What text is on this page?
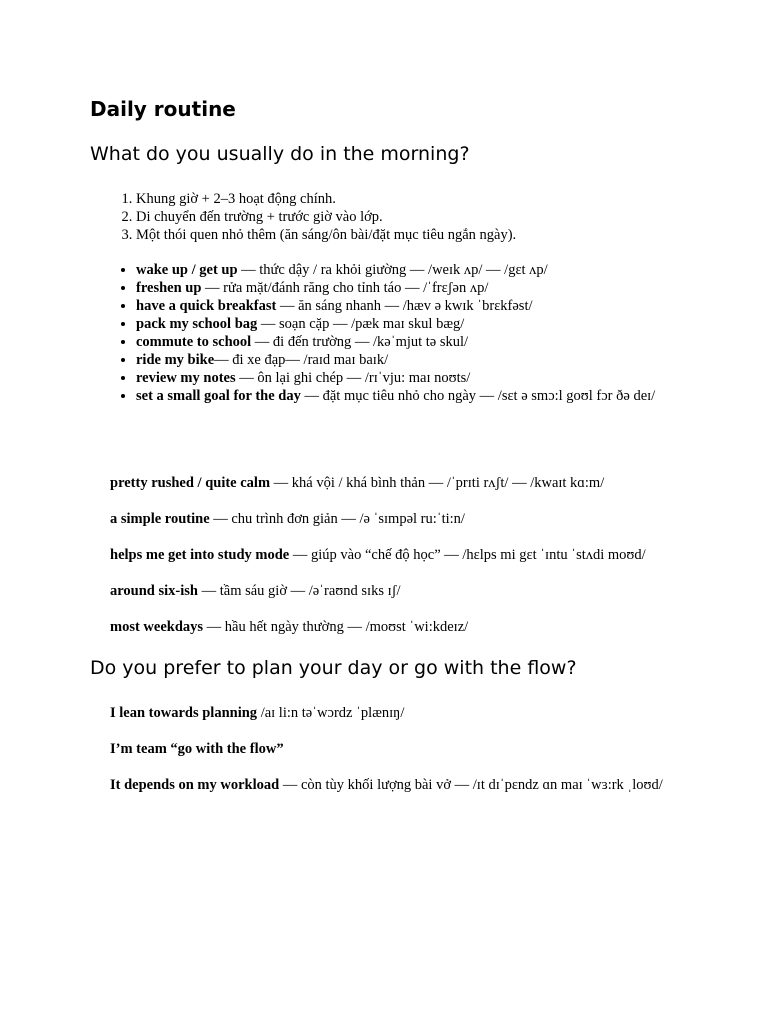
Daily routine
What do you usually do in the morning?
1. Khung giờ + 2–3 hoạt động chính.
2. Di chuyển đến trường + trước giờ vào lớp.
3. Một thói quen nhỏ thêm (ăn sáng/ôn bài/đặt mục tiêu ngắn ngày).
• wake up / get up — thức dậy / ra khỏi giường — /weɪk ʌp/ — /gɛt ʌp/
• freshen up — rửa mặt/đánh răng cho tỉnh táo — /ˈfrɛʃən ʌp/
• have a quick breakfast — ăn sáng nhanh — /hæv ə kwɪk ˈbrɛkfəst/
• pack my school bag — soạn cặp — /pæk maɪ skul bæg/
• commute to school — đi đến trường — /kəˈmjut tə skul/
• ride my bike— đi xe đạp— /raɪd maɪ baɪk/
• review my notes — ôn lại ghi chép — /rɪˈvju: maɪ noʊts/
• set a small goal for the day — đặt mục tiêu nhỏ cho ngày — /sɛt ə smɔ:l goʊl fɔr ðə deɪ/

pretty rushed / quite calm — khá vội / khá bình thản — /ˈprɪti rʌʃt/ — /kwaɪt kɑ:m/

a simple routine — chu trình đơn giản — /ə ˈsɪmpəl ru:ˈti:n/

helps me get into study mode — giúp vào “chế độ học” — /hɛlps mi gɛt ˈɪntu ˈstʌdi moʊd/

around six-ish — tầm sáu giờ — /əˈraʊnd sɪks ɪʃ/

most weekdays — hầu hết ngày thường — /moʊst ˈwi:kdeɪz/

Do you prefer to plan your day or go with the flow?

I lean towards planning /aɪ li:n təˈwɔrdz ˈplænɪŋ/

I’m team “go with the flow”

It depends on my workload — còn tùy khối lượng bài vở — /ɪt dɪˈpɛndz ɑn maɪ ˈwɜ:rk ˌloʊd/
